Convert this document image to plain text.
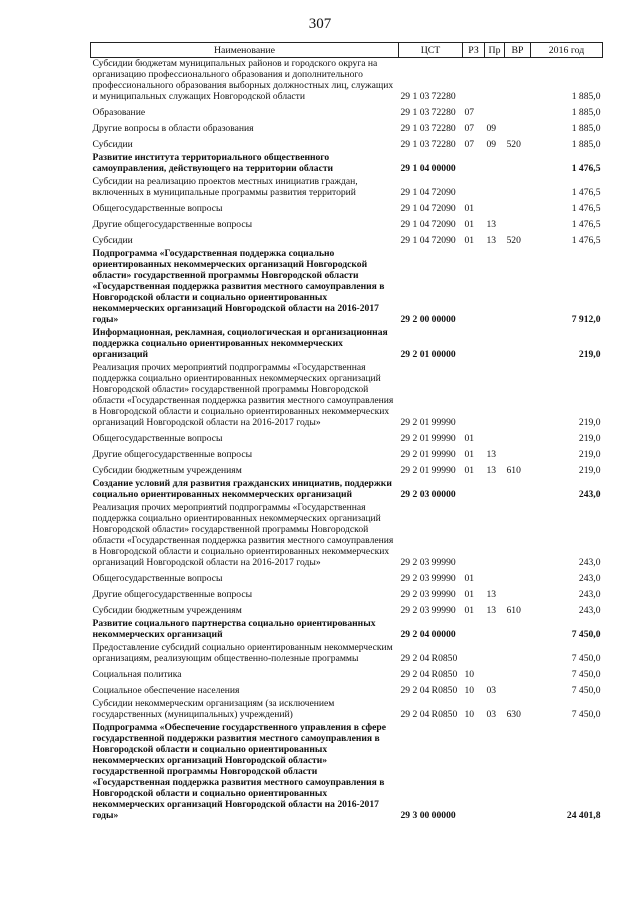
307
Наименование	ЦСТ	РЗ	Пр	ВР	2016 год
Субсидии бюджетам муниципальных районов и городского округа на организацию профессионального образования и дополнительного профессионального образования выборных должностных лиц, служащих и муниципальных служащих Новгородской области	29 1 03 72280				1 885,0
Образование	29 1 03 72280	07			1 885,0
Другие вопросы в области образования	29 1 03 72280	07	09		1 885,0
Субсидии	29 1 03 72280	07	09	520	1 885,0
Развитие института территориального общественного самоуправления, действующего на территории области	29 1 04 00000				1 476,5
Субсидии на реализацию проектов местных инициатив граждан, включенных в муниципальные программы развития территорий	29 1 04 72090				1 476,5
Общегосударственные вопросы	29 1 04 72090	01			1 476,5
Другие общегосударственные вопросы	29 1 04 72090	01	13		1 476,5
Субсидии	29 1 04 72090	01	13	520	1 476,5
Подпрограмма «Государственная поддержка социально ориентированных некоммерческих организаций Новгородской области» государственной программы Новгородской области «Государственная поддержка развития местного самоуправления в Новгородской области и социально ориентированных некоммерческих организаций Новгородской области на 2016-2017 годы»	29 2 00 00000				7 912,0
Информационная, рекламная, социологическая и организационная поддержка социально ориентированных некоммерческих организаций	29 2 01 00000				219,0
Реализация прочих мероприятий подпрограммы «Государственная поддержка социально ориентированных некоммерческих организаций Новгородской области» государственной программы Новгородской области «Государственная поддержка развития местного самоуправления в Новгородской области и социально ориентированных некоммерческих организаций Новгородской области на 2016-2017 годы»	29 2 01 99990				219,0
Общегосударственные вопросы	29 2 01 99990	01			219,0
Другие общегосударственные вопросы	29 2 01 99990	01	13		219,0
Субсидии бюджетным учреждениям	29 2 01 99990	01	13	610	219,0
Создание условий для развития гражданских инициатив, поддержки социально ориентированных некоммерческих организаций	29 2 03 00000				243,0
Реализация прочих мероприятий подпрограммы «Государственная поддержка социально ориентированных некоммерческих организаций Новгородской области» государственной программы Новгородской области «Государственная поддержка развития местного самоуправления в Новгородской области и социально ориентированных некоммерческих организаций Новгородской области на 2016-2017 годы»	29 2 03 99990				243,0
Общегосударственные вопросы	29 2 03 99990	01			243,0
Другие общегосударственные вопросы	29 2 03 99990	01	13		243,0
Субсидии бюджетным учреждениям	29 2 03 99990	01	13	610	243,0
Развитие социального партнерства социально ориентированных некоммерческих организаций	29 2 04 00000				7 450,0
Предоставление субсидий социально ориентированным некоммерческим организациям, реализующим общественно-полезные программы	29 2 04 R0850				7 450,0
Социальная политика	29 2 04 R0850	10			7 450,0
Социальное обеспечение населения	29 2 04 R0850	10	03		7 450,0
Субсидии некоммерческим организациям (за исключением государственных (муниципальных) учреждений)	29 2 04 R0850	10	03	630	7 450,0
Подпрограмма «Обеспечение государственного управления в сфере государственной поддержки развития местного самоуправления в Новгородской области и социально ориентированных некоммерческих организаций Новгородской области» государственной программы Новгородской области «Государственная поддержка развития местного самоуправления в Новгородской области и социально ориентированных некоммерческих организаций Новгородской области на 2016-2017 годы»	29 3 00 00000				24 401,8
